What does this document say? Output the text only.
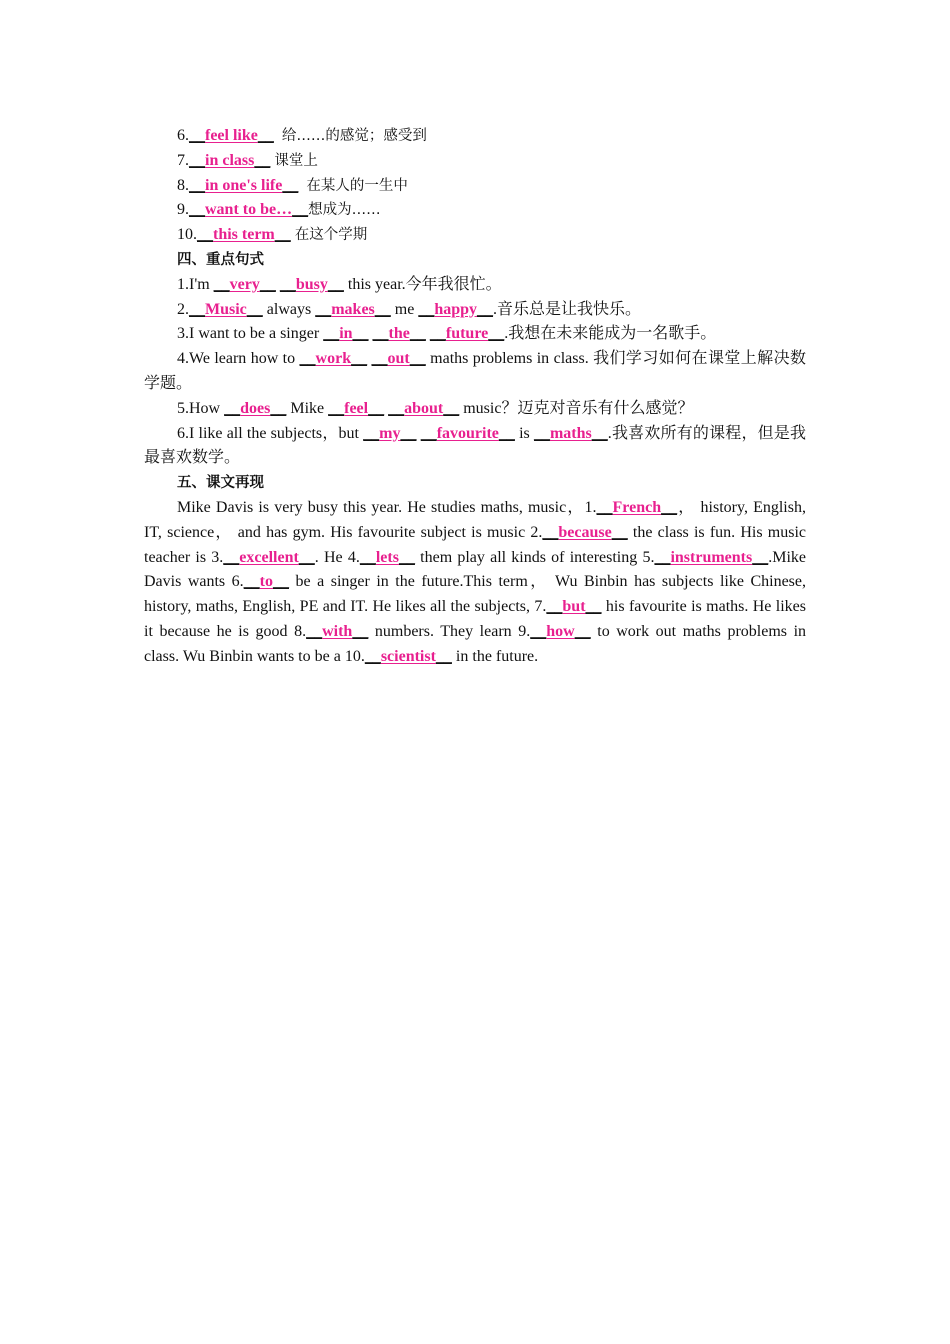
6.__feel like__ 给……的感觉；感受到
7.__in class__ 课堂上
8.__in one's life__ 在某人的一生中
9.__want to be…__想成为……
10.__this term__ 在这个学期
四、重点句式
1.I'm __very__ __busy__ this year.今年我很忙。
2.__Music__ always __makes__ me __happy__.音乐总是让我快乐。
3.I want to be a singer __in__ __the__ __future__.我想在未来能成为一名歌手。
4.We learn how to __work__ __out__ maths problems in class. 我们学习如何在课堂上解决数学题。
5.How __does__ Mike __feel__ __about__ music？迈克对音乐有什么感觉？
6.I like all the subjects，but __my__ __favourite__ is __maths__.我喜欢所有的课程，但是我最喜欢数学。
五、课文再现
Mike Davis is very busy this year. He studies maths, music，1.__French__， history, English, IT, science， and has gym. His favourite subject is music 2.__because__ the class is fun. His music teacher is 3.__excellent__. He 4.__lets__ them play all kinds of interesting 5.__instruments__.Mike Davis wants 6.__to__ be a singer in the future.This term， Wu Binbin has subjects like Chinese, history, maths, English, PE and IT. He likes all the subjects, 7.__but__ his favourite is maths. He likes it because he is good 8.__with__ numbers. They learn 9.__how__ to work out maths problems in class. Wu Binbin wants to be a 10.__scientist__ in the future.
